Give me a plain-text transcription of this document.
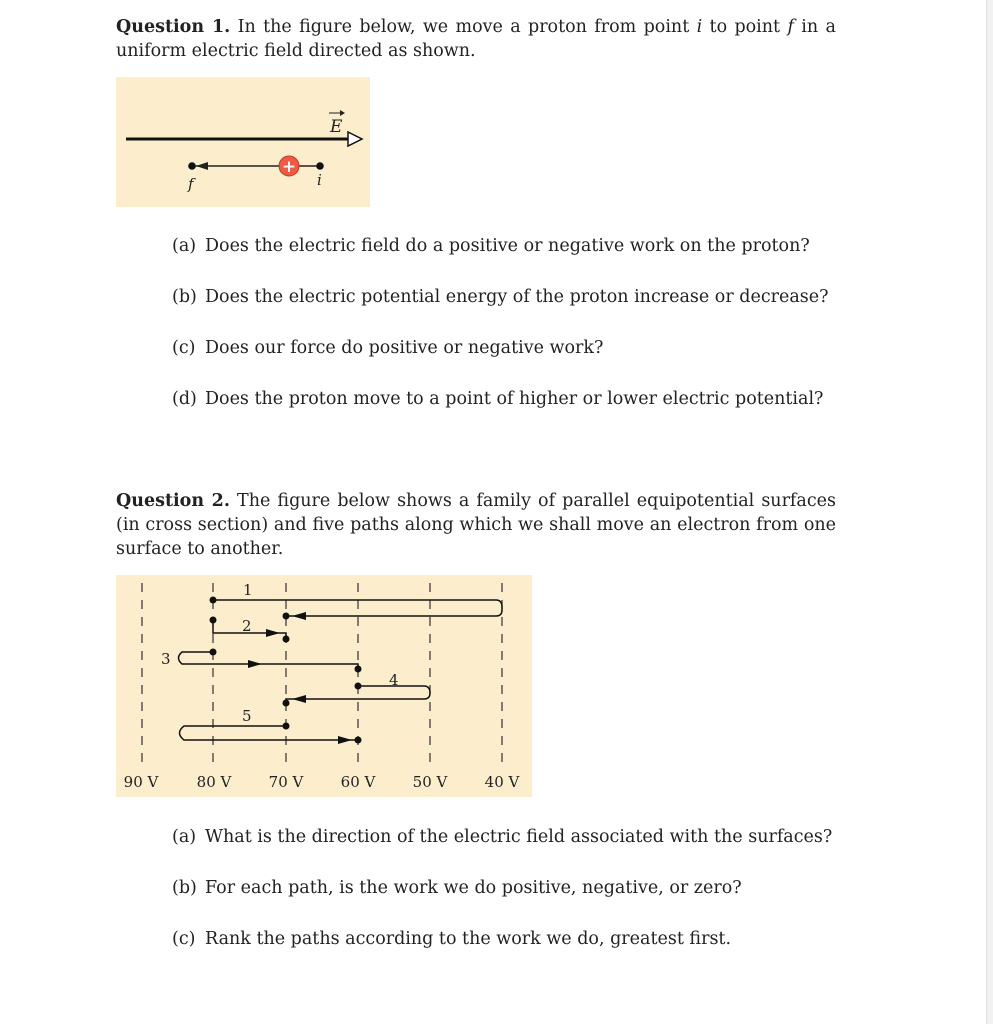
Question 1. In the figure below, we move a proton from point i to point f in a uniform electric field directed as shown.

E
+
f	i
(a) Does the electric field do a positive or negative work on the proton?
(b) Does the electric potential energy of the proton increase or decrease?
(c) Does our force do positive or negative work?
(d) Does the proton move to a point of higher or lower electric potential?

Question 2. The figure below shows a family of parallel equipotential surfaces (in cross section) and five paths along which we shall move an electron from one surface to another.

1
2
3
4
5
90 V	80 V 70 V 60 V 50 V 40 V
(a) What is the direction of the electric field associated with the surfaces?
(b) For each path, is the work we do positive, negative, or zero?
(c) Rank the paths according to the work we do, greatest first.
